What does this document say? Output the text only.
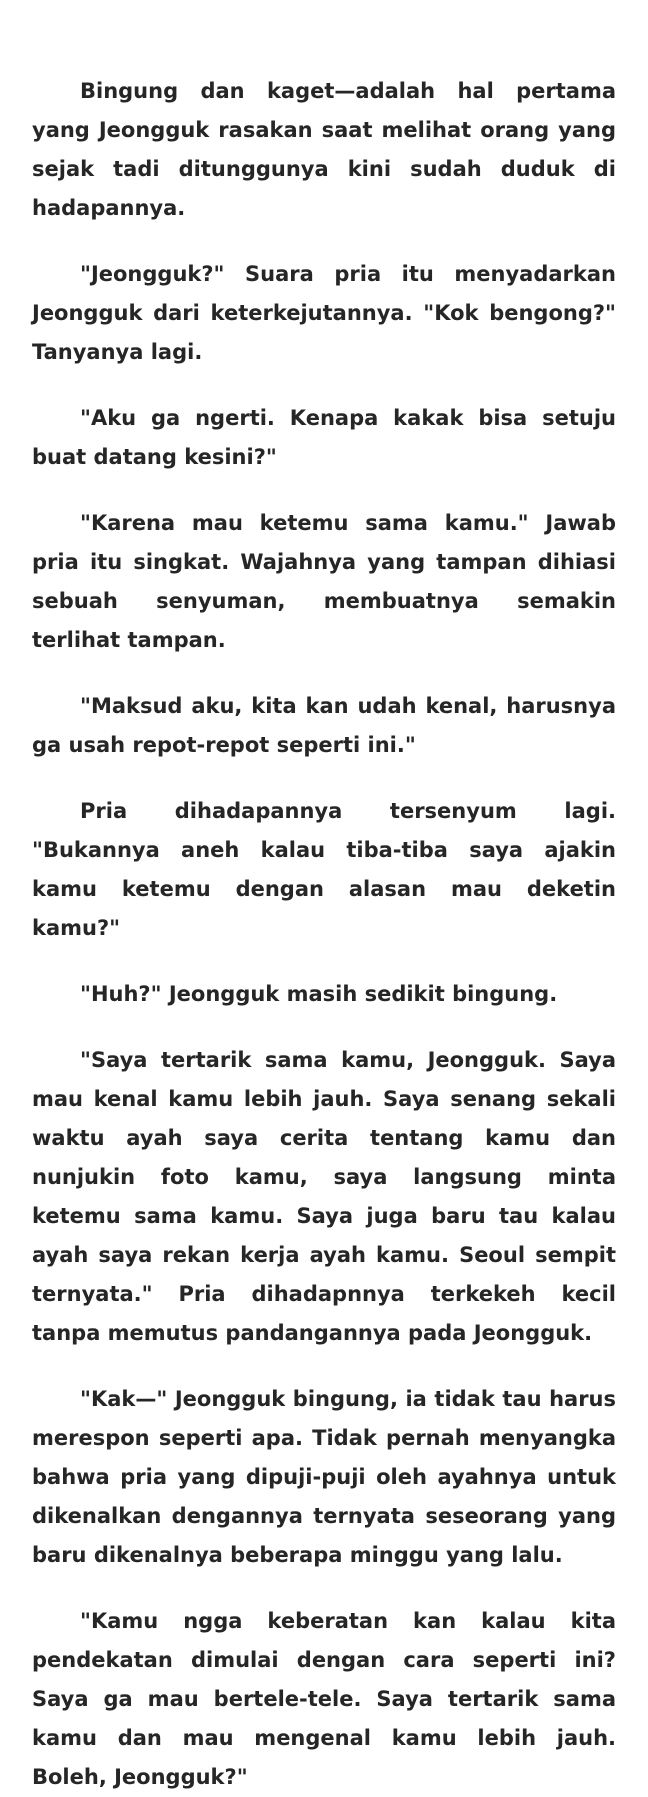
Bingung dan kaget—adalah hal pertama yang Jeongguk rasakan saat melihat orang yang sejak tadi ditunggunya kini sudah duduk di hadapannya.

"Jeongguk?" Suara pria itu menyadarkan Jeongguk dari keterkejutannya. "Kok bengong?" Tanyanya lagi.

"Aku ga ngerti. Kenapa kakak bisa setuju buat datang kesini?"

"Karena mau ketemu sama kamu." Jawab pria itu singkat. Wajahnya yang tampan dihiasi sebuah senyuman, membuatnya semakin terlihat tampan.

"Maksud aku, kita kan udah kenal, harusnya ga usah repot-repot seperti ini."

Pria dihadapannya tersenyum lagi. "Bukannya aneh kalau tiba-tiba saya ajakin kamu ketemu dengan alasan mau deketin kamu?"

"Huh?" Jeongguk masih sedikit bingung.

"Saya tertarik sama kamu, Jeongguk. Saya mau kenal kamu lebih jauh. Saya senang sekali waktu ayah saya cerita tentang kamu dan nunjukin foto kamu, saya langsung minta ketemu sama kamu. Saya juga baru tau kalau ayah saya rekan kerja ayah kamu. Seoul sempit ternyata." Pria dihadapnnya terkekeh kecil tanpa memutus pandangannya pada Jeongguk.

"Kak—" Jeongguk bingung, ia tidak tau harus merespon seperti apa. Tidak pernah menyangka bahwa pria yang dipuji-puji oleh ayahnya untuk dikenalkan dengannya ternyata seseorang yang baru dikenalnya beberapa minggu yang lalu.

"Kamu ngga keberatan kan kalau kita pendekatan dimulai dengan cara seperti ini? Saya ga mau bertele-tele. Saya tertarik sama kamu dan mau mengenal kamu lebih jauh. Boleh, Jeongguk?"
